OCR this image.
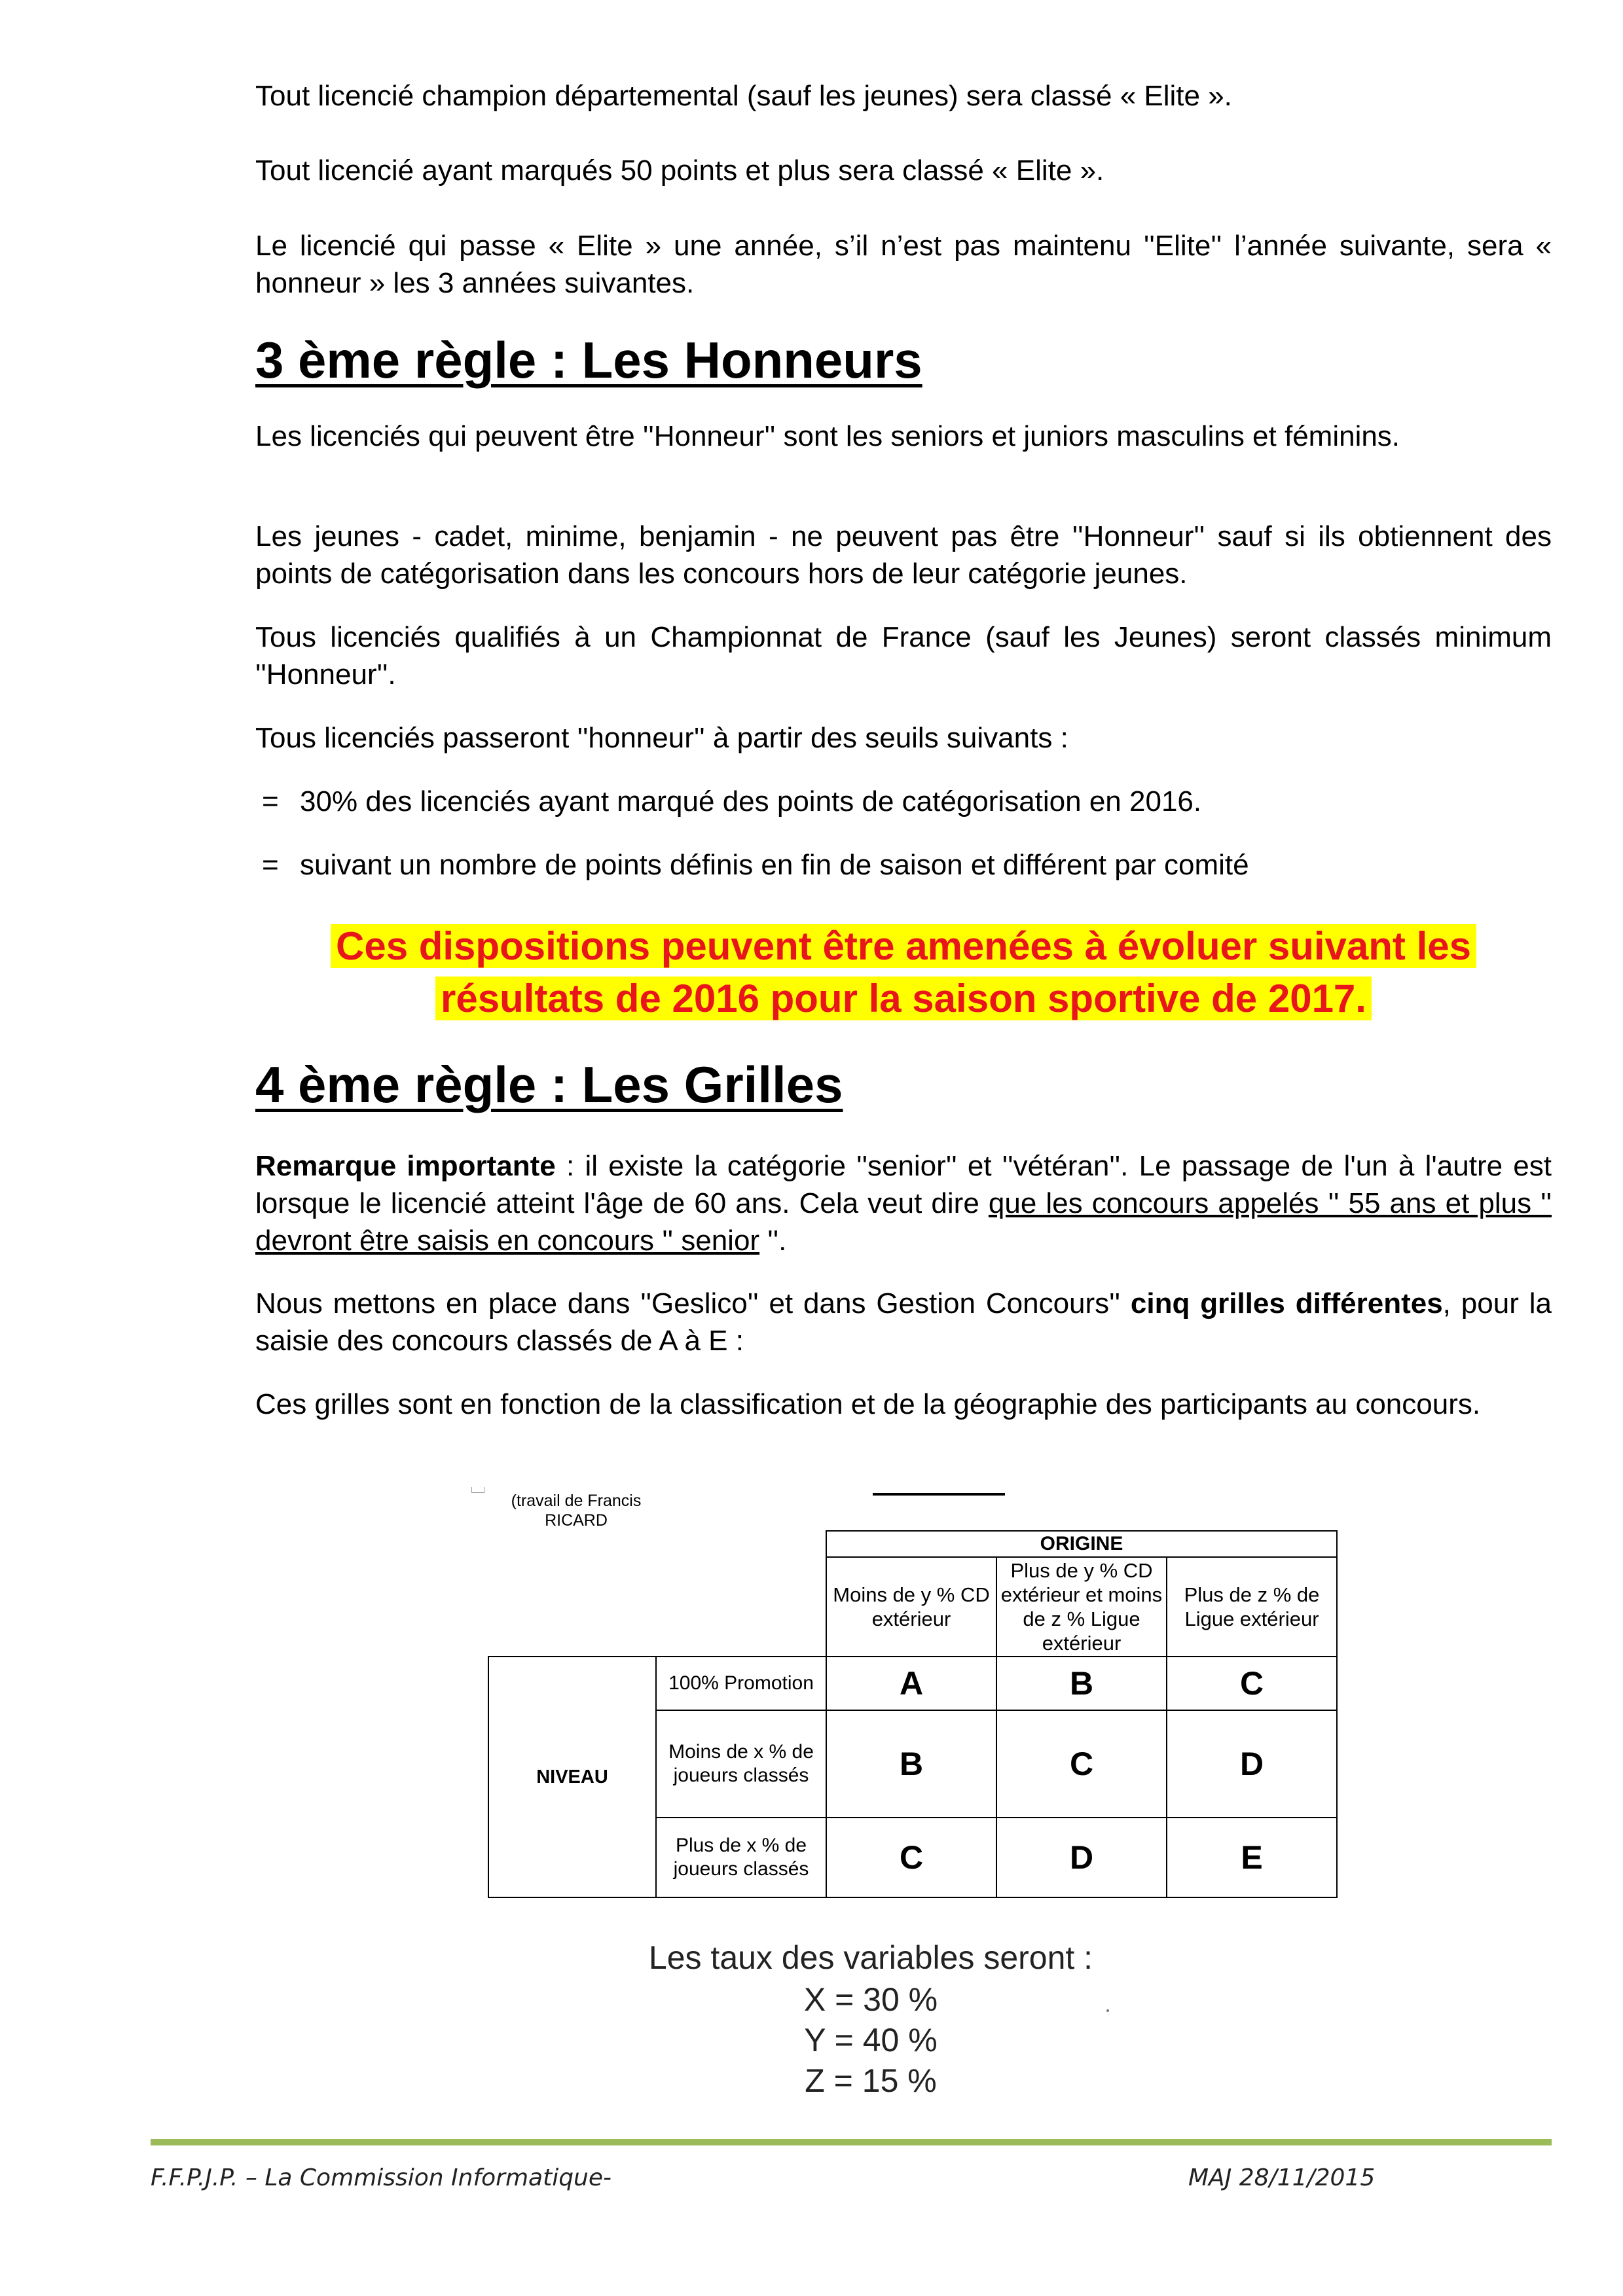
Tout licencié champion départemental (sauf les jeunes) sera classé « Elite ».

Tout licencié ayant marqués 50 points et plus sera classé « Elite ».

Le licencié qui passe « Elite » une année, s’il n’est pas maintenu ''Elite'' l’année suivante, sera « honneur » les 3 années suivantes.

3 ème règle : Les Honneurs

Les licenciés qui peuvent être ''Honneur'' sont les seniors et juniors masculins et féminins.

Les jeunes - cadet, minime, benjamin - ne peuvent pas être ''Honneur'' sauf si ils obtiennent des points de catégorisation dans les concours hors de leur catégorie jeunes.

Tous licenciés qualifiés à un Championnat de France (sauf les Jeunes) seront classés minimum ''Honneur''.

Tous licenciés passeront ''honneur'' à partir des seuils suivants :

= 30% des licenciés ayant marqué des points de catégorisation en 2016.

= suivant un nombre de points définis en fin de saison et différent par comité

Ces dispositions peuvent être amenées à évoluer suivant les

résultats de 2016 pour la saison sportive de 2017.

4 ème règle : Les Grilles

Remarque importante : il existe la catégorie ''senior'' et ''vétéran''. Le passage de l'un à l'autre est lorsque le licencié atteint l'âge de 60 ans. Cela veut dire que les concours appelés '' 55 ans et plus '' devront être saisis en concours '' senior ''.

Nous mettons en place dans ''Geslico'' et dans Gestion Concours'' cinq grilles différentes, pour la saisie des concours classés de A à E :

Ces grilles sont en fonction de la classification et de la géographie des participants au concours.

(travail de Francis
RICARD
		ORIGINE		
		Moins de y % CD extérieur	Plus de y % CD extérieur et moins de z % Ligue extérieur	Plus de z % de Ligue extérieur
NIVEAU	100% Promotion	A	B	C
	Moins de x % de joueurs classés	B	C	D
	Plus de x % de joueurs classés	C	D	E
Les taux des variables seront :
X = 30 %
Y = 40 %
Z = 15 %
F.F.P.J.P. – La Commission Informatique-	MAJ 28/11/2015
